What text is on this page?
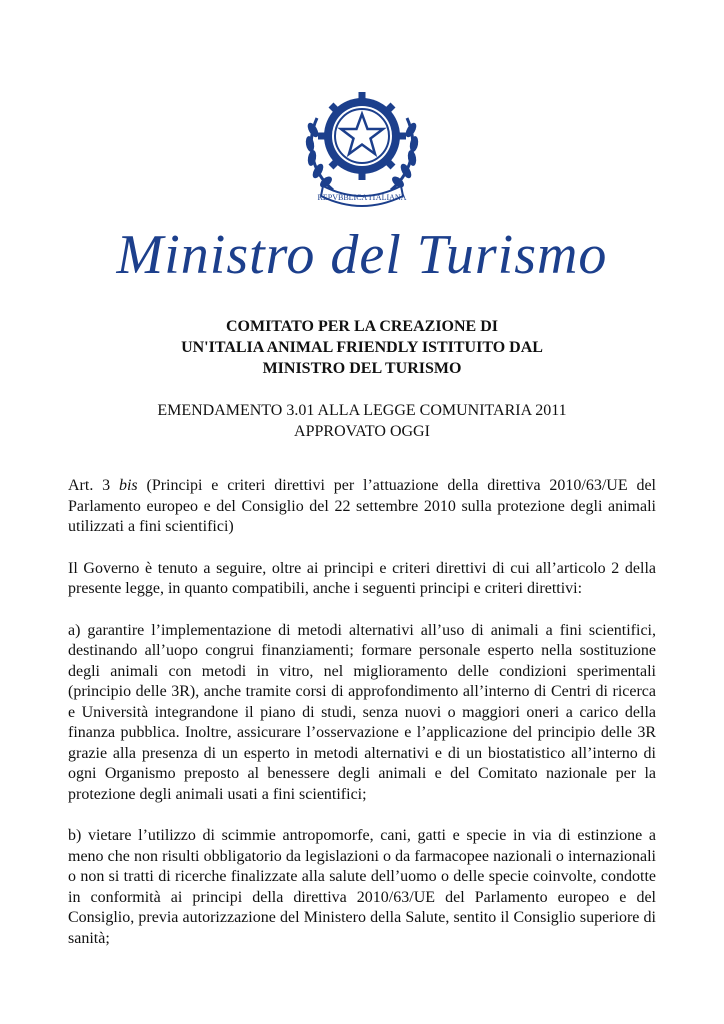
REPVBBLICA ITALIANA
Ministro del Turismo
COMITATO PER LA CREAZIONE DI
UN'ITALIA ANIMAL FRIENDLY ISTITUITO DAL
MINISTRO DEL TURISMO
EMENDAMENTO 3.01 ALLA LEGGE COMUNITARIA 2011
APPROVATO OGGI

Art. 3 bis (Principi e criteri direttivi per l’attuazione della direttiva 2010/63/UE del Parlamento europeo e del Consiglio del 22 settembre 2010 sulla protezione degli animali utilizzati a fini scientifici)

Il Governo è tenuto a seguire, oltre ai principi e criteri direttivi di cui all’articolo 2 della presente legge, in quanto compatibili, anche i seguenti principi e criteri direttivi:

a) garantire l’implementazione di metodi alternativi all’uso di animali a fini scientifici, destinando all’uopo congrui finanziamenti; formare personale esperto nella sostituzione degli animali con metodi in vitro, nel miglioramento delle condizioni sperimentali (principio delle 3R), anche tramite corsi di approfondimento all’interno di Centri di ricerca e Università integrandone il piano di studi, senza nuovi o maggiori oneri a carico della finanza pubblica. Inoltre, assicurare l’osservazione e l’applicazione del principio delle 3R grazie alla presenza di un esperto in metodi alternativi e di un biostatistico all’interno di ogni Organismo preposto al benessere degli animali e del Comitato nazionale per la protezione degli animali usati a fini scientifici;

b) vietare l’utilizzo di scimmie antropomorfe, cani, gatti e specie in via di estinzione a meno che non risulti obbligatorio da legislazioni o da farmacopee nazionali o internazionali o non si tratti di ricerche finalizzate alla salute dell’uomo o delle specie coinvolte, condotte in conformità ai principi della direttiva 2010/63/UE del Parlamento europeo e del Consiglio, previa autorizzazione del Ministero della Salute, sentito il Consiglio superiore di sanità;
